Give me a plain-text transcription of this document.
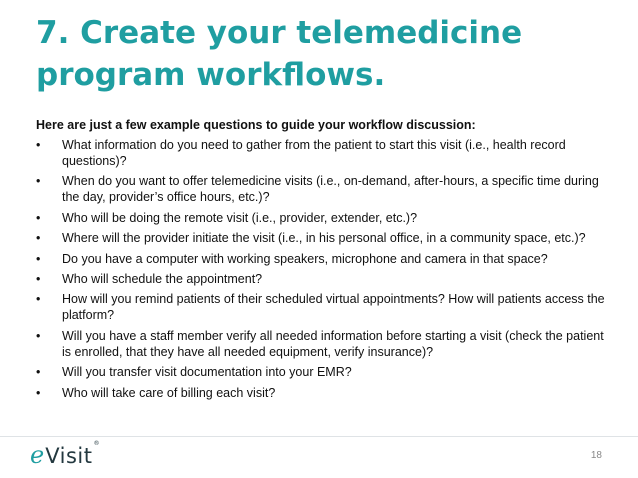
7. Create your telemedicine program workflows.

Here are just a few example questions to guide your workflow discussion:

• What information do you need to gather from the patient to start this visit (i.e., health record questions)?
• When do you want to offer telemedicine visits (i.e., on-demand, after-hours, a specific time during the day, provider’s office hours, etc.)?
• Who will be doing the remote visit (i.e., provider, extender, etc.)?
• Where will the provider initiate the visit (i.e., in his personal office, in a community space, etc.)?
• Do you have a computer with working speakers, microphone and camera in that space?
• Who will schedule the appointment?
• How will you remind patients of their scheduled virtual appointments? How will patients access the platform?
• Will you have a staff member verify all needed information before starting a visit (check the patient is enrolled, that they have all needed equipment, verify insurance)?
• Will you transfer visit documentation into your EMR?
• Who will take care of billing each visit?
e Visit
®
18
